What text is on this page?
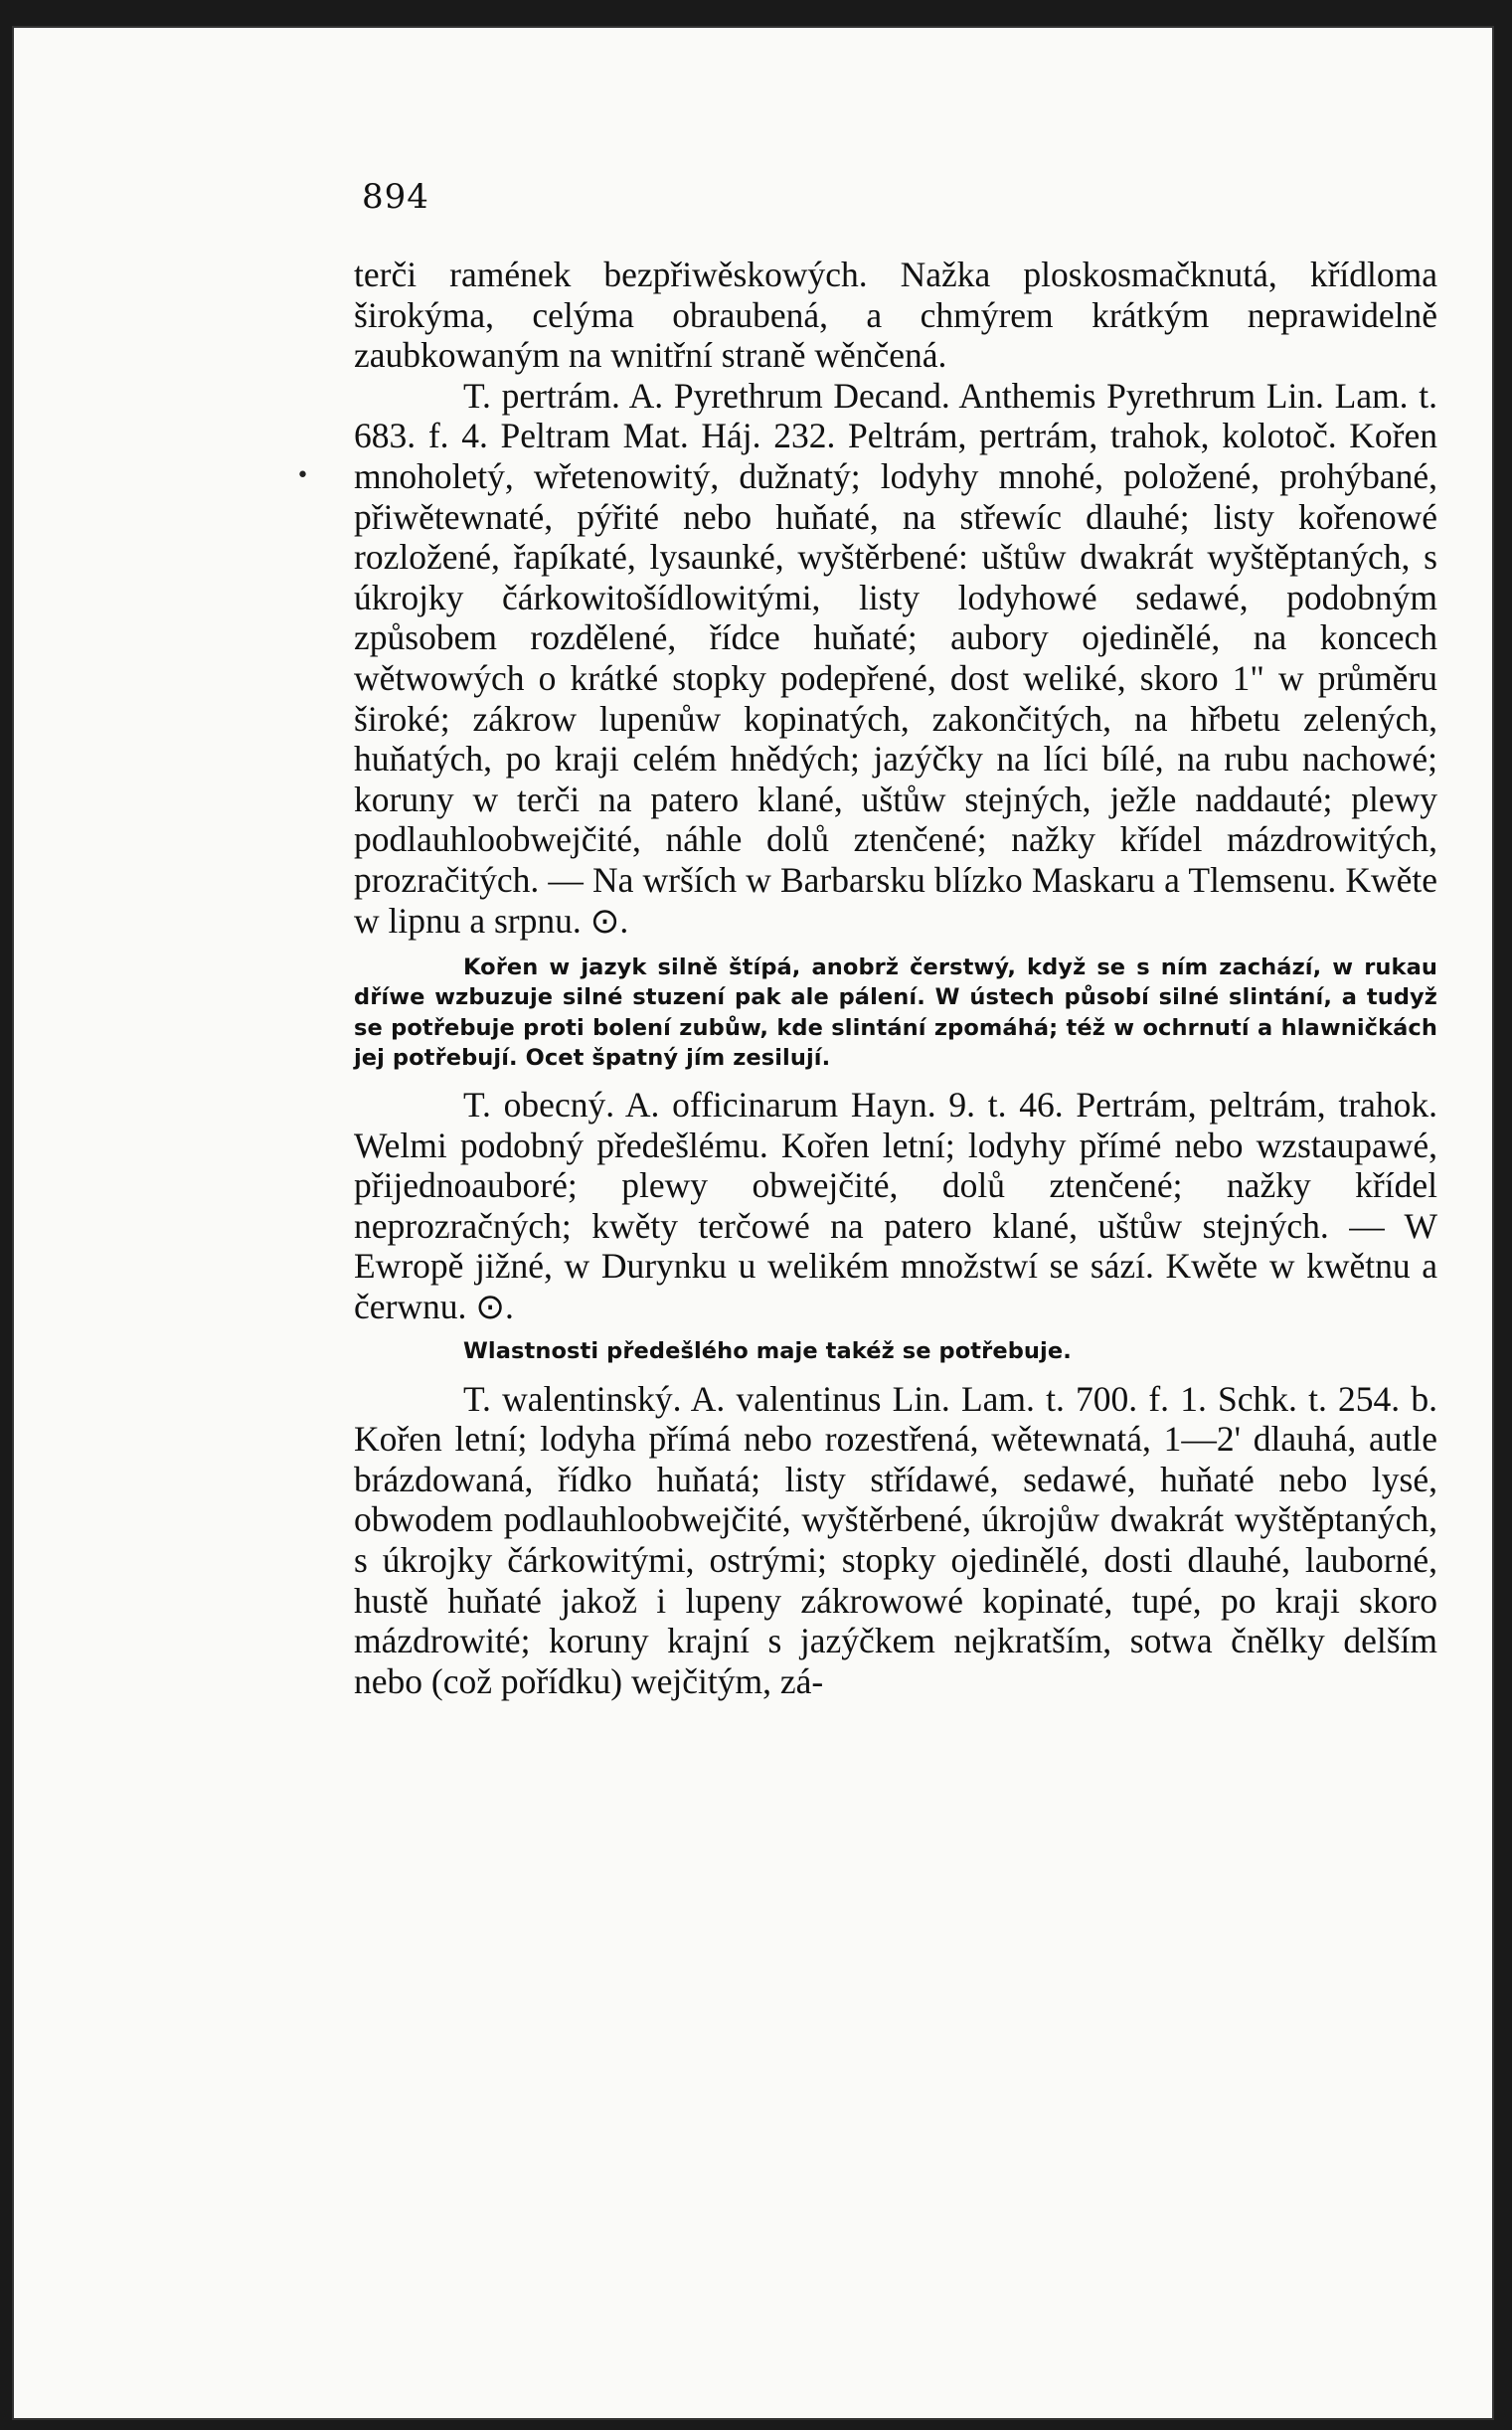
894
•

terči ramének bezpřiwěskowých. Nažka ploskosmačknutá, křídloma širokýma, celýma obraubená, a chmýrem krátkým neprawidelně zaubkowaným na wnitřní straně wěnčená.

T. pertrám. A. Pyrethrum Decand. Anthemis Pyrethrum Lin. Lam. t. 683. f. 4. Peltram Mat. Háj. 232. Peltrám, pertrám, trahok, kolotoč. Kořen mnoholetý, wřetenowitý, dužnatý; lodyhy mnohé, položené, prohýbané, přiwětewnaté, pýřité nebo huňaté, na střewíc dlauhé; listy kořenowé rozložené, řapíkaté, lysaunké, wyštěrbené: uštůw dwakrát wyštěptaných, s úkrojky čárkowitošídlowitými, listy lodyhowé sedawé, podobným způsobem rozdělené, řídce huňaté; aubory ojedinělé, na koncech wětwowých o krátké stopky podepřené, dost weliké, skoro 1" w průměru široké; zákrow lupenůw kopinatých, zakončitých, na hřbetu zelených, huňatých, po kraji celém hnědých; jazýčky na líci bílé, na rubu nachowé; koruny w terči na patero klané, uštůw stejných, ježle naddauté; plewy podlauhloobwejčité, náhle dolů ztenčené; nažky křídel mázdrowitých, prozračitých. — Na wrších w Barbarsku blízko Maskaru a Tlemsenu. Kwěte w lipnu a srpnu. ⊙.

Kořen w jazyk silně štípá, anobrž čerstwý, když se s ním zachází, w rukau dříwe wzbuzuje silné stuzení pak ale pálení. W ústech působí silné slintání, a tudyž se potřebuje proti bolení zubůw, kde slintání zpomáhá; též w ochrnutí a hlawničkách jej potřebují. Ocet špatný jím zesilují.

T. obecný. A. officinarum Hayn. 9. t. 46. Pertrám, peltrám, trahok. Welmi podobný předešlému. Kořen letní; lodyhy přímé nebo wzstaupawé, přijednoauboré; plewy obwejčité, dolů ztenčené; nažky křídel neprozračných; kwěty terčowé na patero klané, uštůw stejných. — W Ewropě jižné, w Durynku u welikém množstwí se sází. Kwěte w kwětnu a čerwnu. ⊙.

Wlastnosti předešlého maje takéž se potřebuje.

T. walentinský. A. valentinus Lin. Lam. t. 700. f. 1. Schk. t. 254. b. Kořen letní; lodyha přímá nebo rozestřená, wětewnatá, 1—2' dlauhá, autle brázdowaná, řídko huňatá; listy střídawé, sedawé, huňaté nebo lysé, obwodem podlauhloobwejčité, wyštěrbené, úkrojůw dwakrát wyštěptaných, s úkrojky čárkowitými, ostrými; stopky ojedinělé, dosti dlauhé, lauborné, hustě huňaté jakož i lupeny zákrowowé kopinaté, tupé, po kraji skoro mázdrowité; koruny krajní s jazýčkem nejkratším, sotwa čnělky delším nebo (což pořídku) wejčitým, zá-
